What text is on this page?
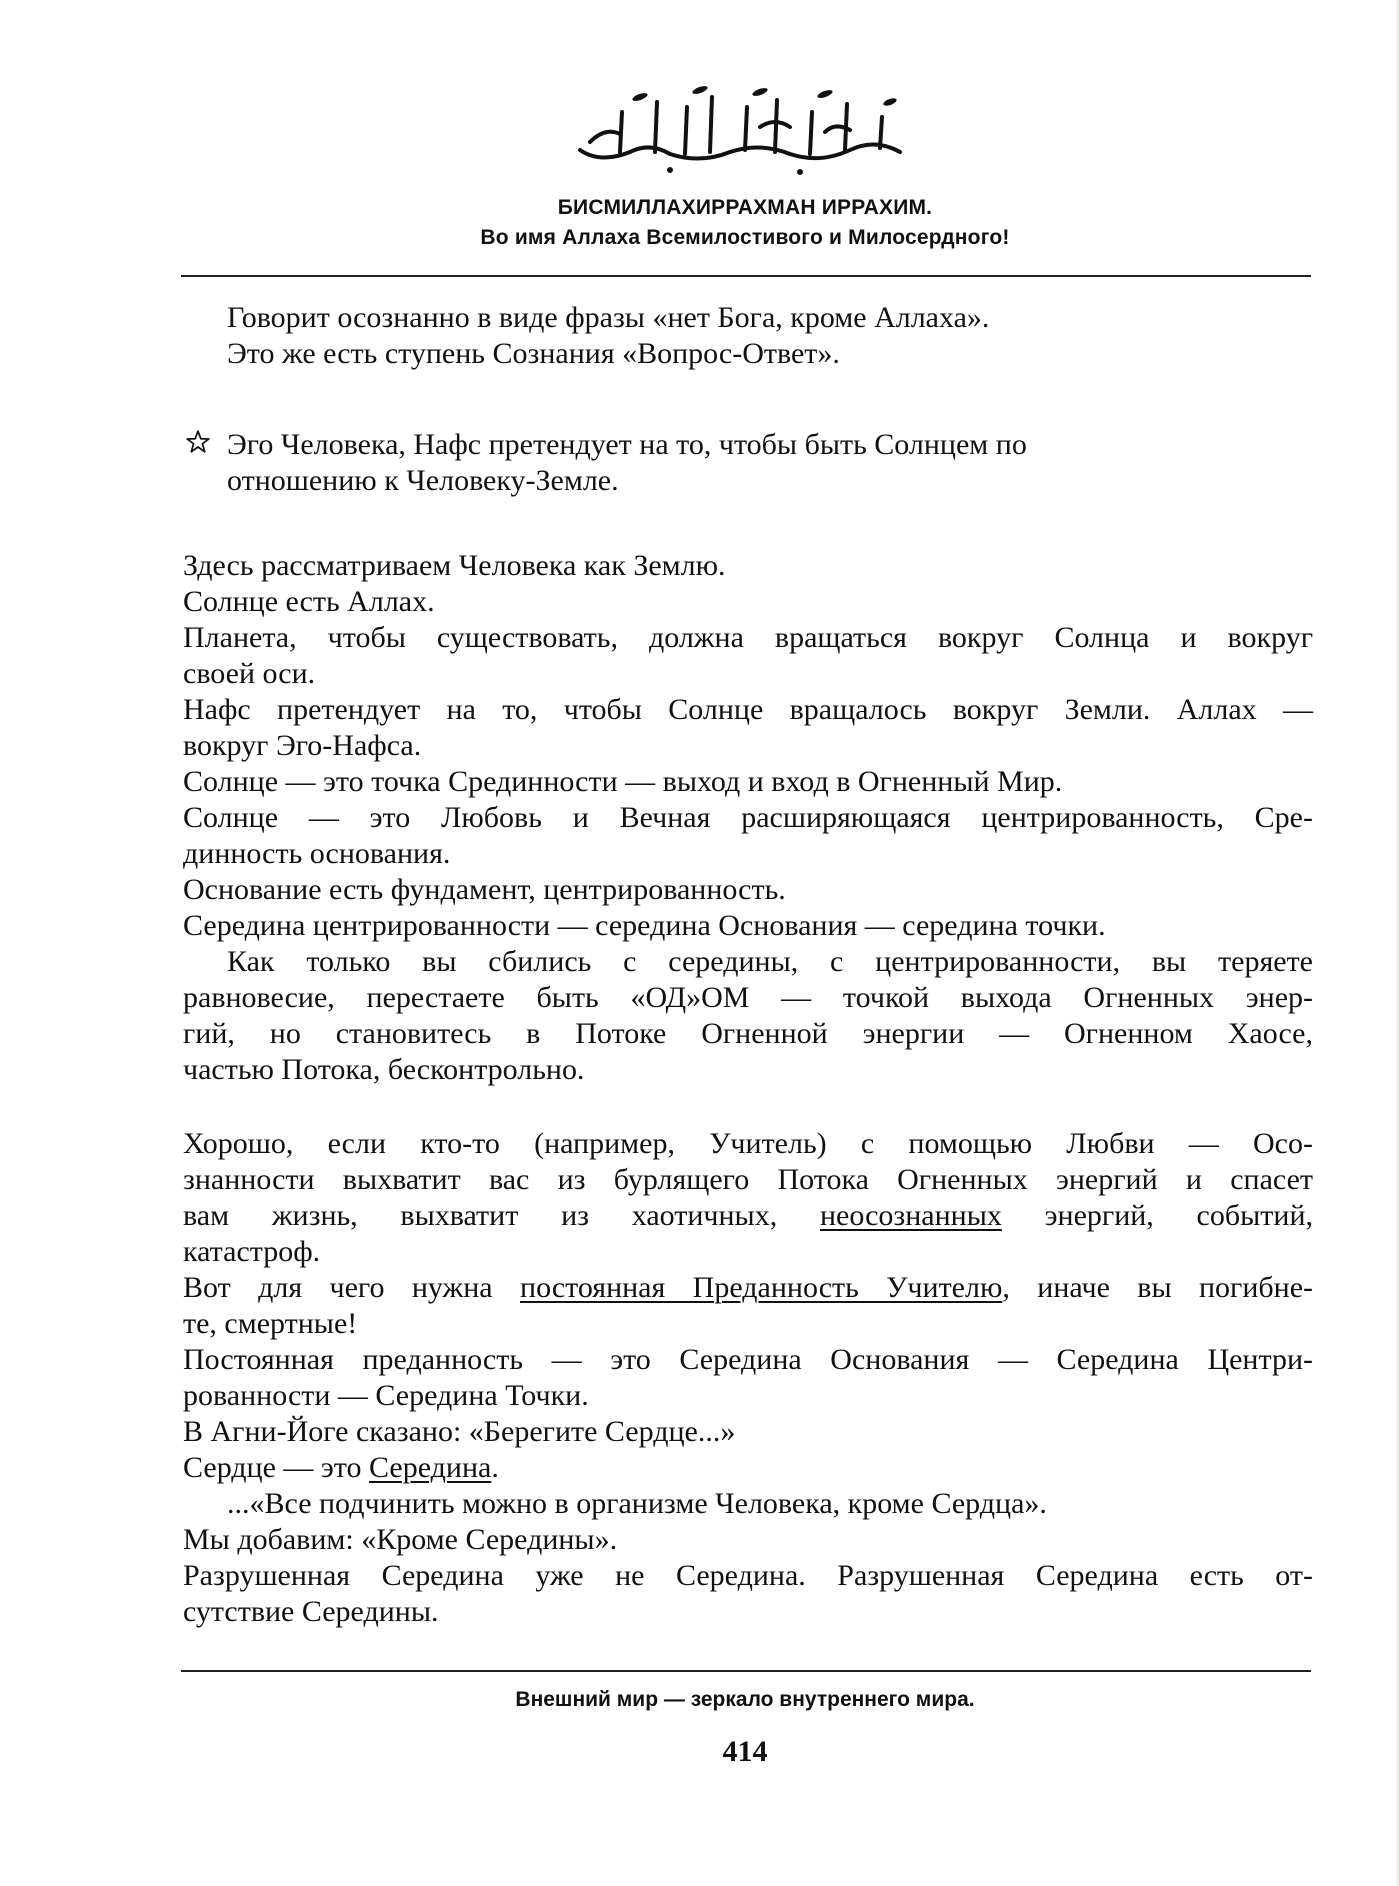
БИСМИЛЛАХИРРАХМАН ИРРАХИМ.
Во имя Аллаха Всемилостивого и Милосердного!
Говорит осознанно в виде фразы «нет Бога, кроме Аллаха».
Это же есть ступень Сознания «Вопрос-Ответ».
Эго Человека, Нафс претендует на то, чтобы быть Солнцем по
отношению к Человеку-Земле.
Здесь рассматриваем Человека как Землю.
Солнце есть Аллах.
Планета, чтобы существовать, должна вращаться вокруг Солнца и вокруг
своей оси.
Нафс претендует на то, чтобы Солнце вращалось вокруг Земли. Аллах —
вокруг Эго-Нафса.
Солнце — это точка Срединности — выход и вход в Огненный Мир.
Солнце — это Любовь и Вечная расширяющаяся центрированность, Сре-
динность основания.
Основание есть фундамент, центрированность.
Середина центрированности — середина Основания — середина точки.
Как только вы сбились с середины, с центрированности, вы теряете
равновесие, перестаете быть «ОД»ОМ — точкой выхода Огненных энер-
гий, но становитесь в Потоке Огненной энергии — Огненном Хаосе,
частью Потока, бесконтрольно.
Хорошо, если кто-то (например, Учитель) с помощью Любви — Осо-
знанности выхватит вас из бурлящего Потока Огненных энергий и спасет
вам жизнь, выхватит из хаотичных, неосознанных энергий, событий,
катастроф.
Вот для чего нужна постоянная Преданность Учителю, иначе вы погибне-
те, смертные!
Постоянная преданность — это Середина Основания — Середина Центри-
рованности — Середина Точки.
В Агни-Йоге сказано: «Берегите Сердце...»
Сердце — это Середина.
...«Все подчинить можно в организме Человека, кроме Сердца».
Мы добавим: «Кроме Середины».
Разрушенная Середина уже не Середина. Разрушенная Середина есть от-
сутствие Середины.
Внешний мир — зеркало внутреннего мира.
414
